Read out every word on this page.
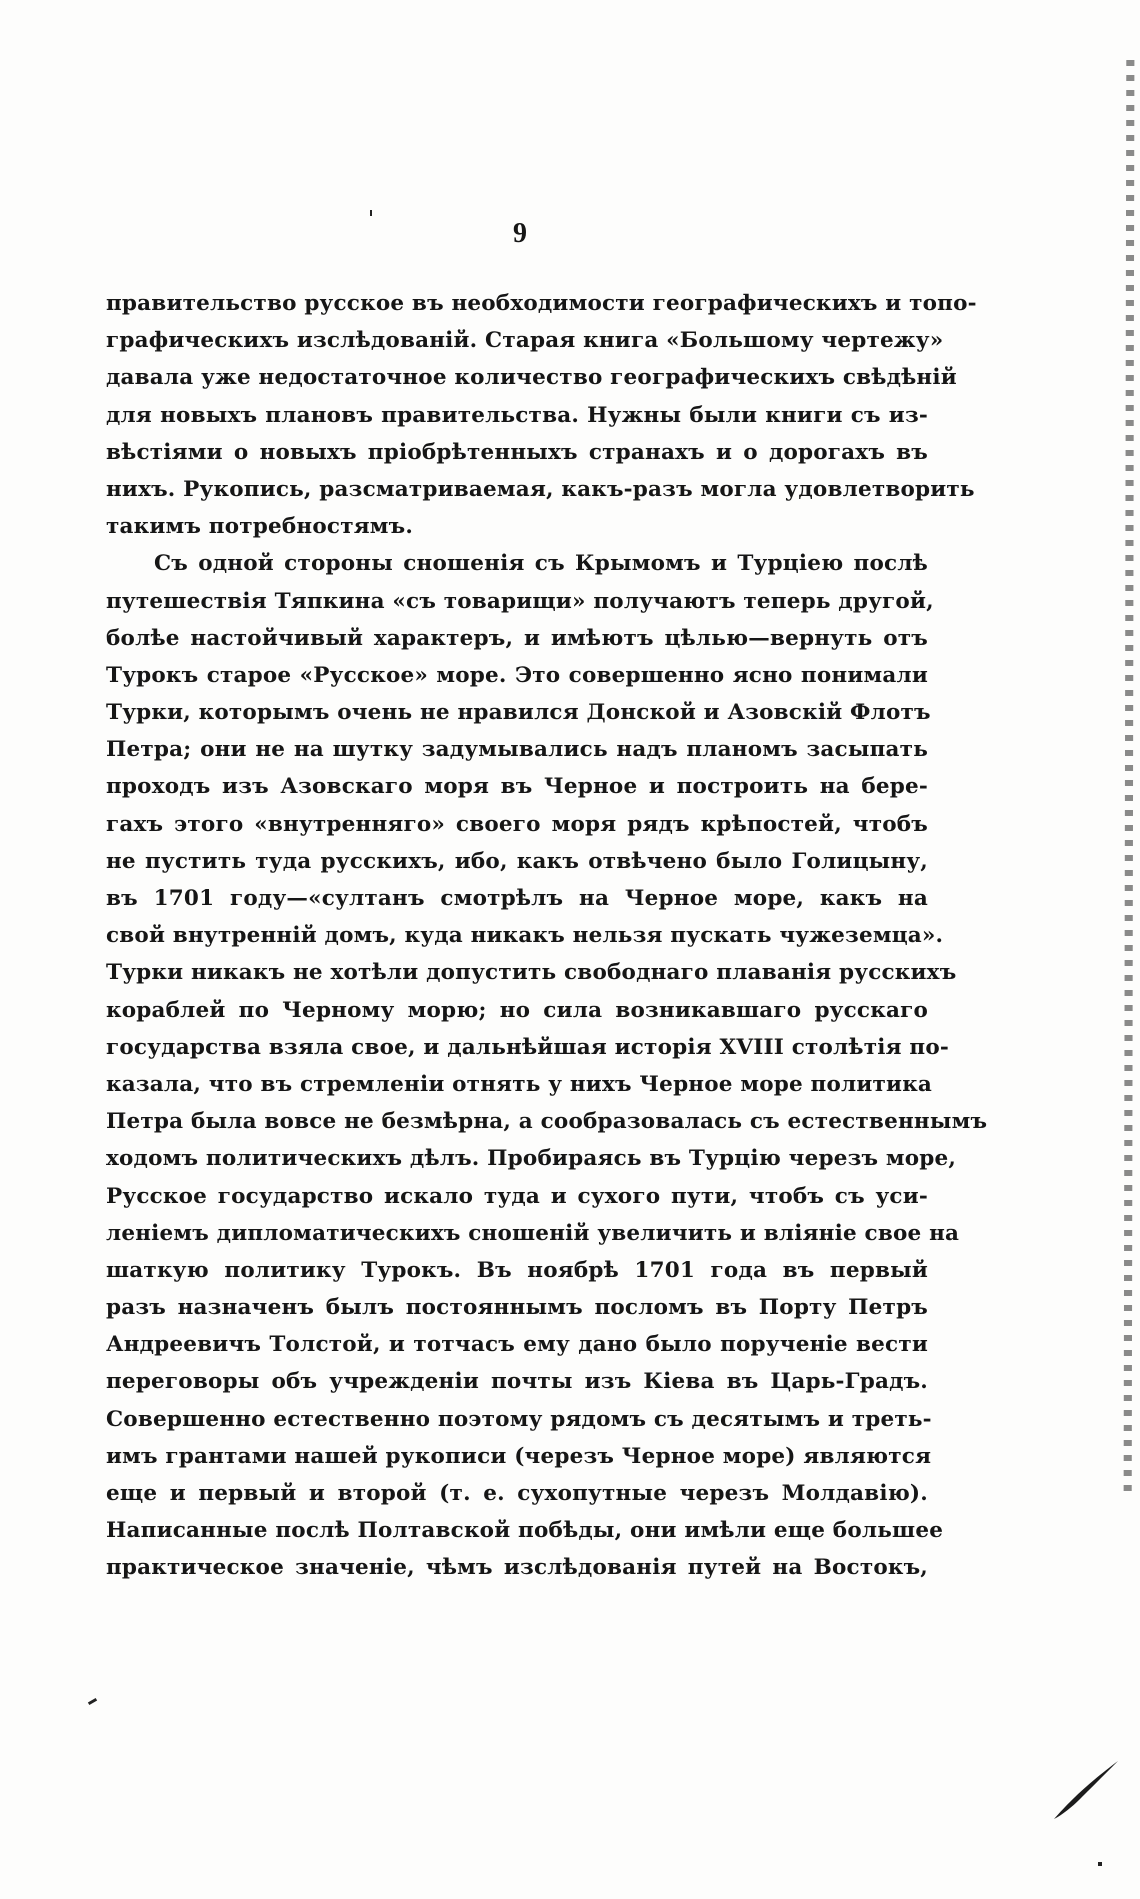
9
правительство русское въ необходимости географическихъ и топо-
графическихъ изслѣдованій. Старая книга «Большому чертежу»
давала уже недостаточное количество географическихъ свѣдѣній
для новыхъ плановъ правительства. Нужны были книги съ из-
вѣстіями о новыхъ пріобрѣтенныхъ странахъ и о дорогахъ въ
нихъ. Рукопись, разсматриваемая, какъ-разъ могла удовлетворить
такимъ потребностямъ.
Съ одной стороны сношенія съ Крымомъ и Турціею послѣ
путешествія Тяпкина «съ товарищи» получаютъ теперь другой,
болѣе настойчивый характеръ, и имѣютъ цѣлью—вернуть отъ
Турокъ старое «Русское» море. Это совершенно ясно понимали
Турки, которымъ очень не нравился Донской и Азовскій Флотъ
Петра; они не на шутку задумывались надъ планомъ засыпать
проходъ изъ Азовскаго моря въ Черное и построить на бере-
гахъ этого «внутренняго» своего моря рядъ крѣпостей, чтобъ
не пустить туда русскихъ, ибо, какъ отвѣчено было Голицыну,
въ 1701 году—«султанъ смотрѣлъ на Черное море, какъ на
свой внутренній домъ, куда никакъ нельзя пускать чужеземца».
Турки никакъ не хотѣли допустить свободнаго плаванія русскихъ
кораблей по Черному морю; но сила возникавшаго русскаго
государства взяла свое, и дальнѣйшая исторія XVIII столѣтія по-
казала, что въ стремленіи отнять у нихъ Черное море политика
Петра была вовсе не безмѣрна, а сообразовалась съ естественнымъ
ходомъ политическихъ дѣлъ. Пробираясь въ Турцію черезъ море,
Русское государство искало туда и сухого пути, чтобъ съ уси-
леніемъ дипломатическихъ сношеній увеличить и вліяніе свое на
шаткую политику Турокъ. Въ ноябрѣ 1701 года въ первый
разъ назначенъ былъ постояннымъ посломъ въ Порту Петръ
Андреевичъ Толстой, и тотчасъ ему дано было порученіе вести
переговоры объ учрежденіи почты изъ Кіева въ Царь-Градъ.
Совершенно естественно поэтому рядомъ съ десятымъ и треть-
имъ грантами нашей рукописи (черезъ Черное море) являются
еще и первый и второй (т. е. сухопутные черезъ Молдавію).
Написанные послѣ Полтавской побѣды, они имѣли еще большее
практическое значеніе, чѣмъ изслѣдованія путей на Востокъ,
